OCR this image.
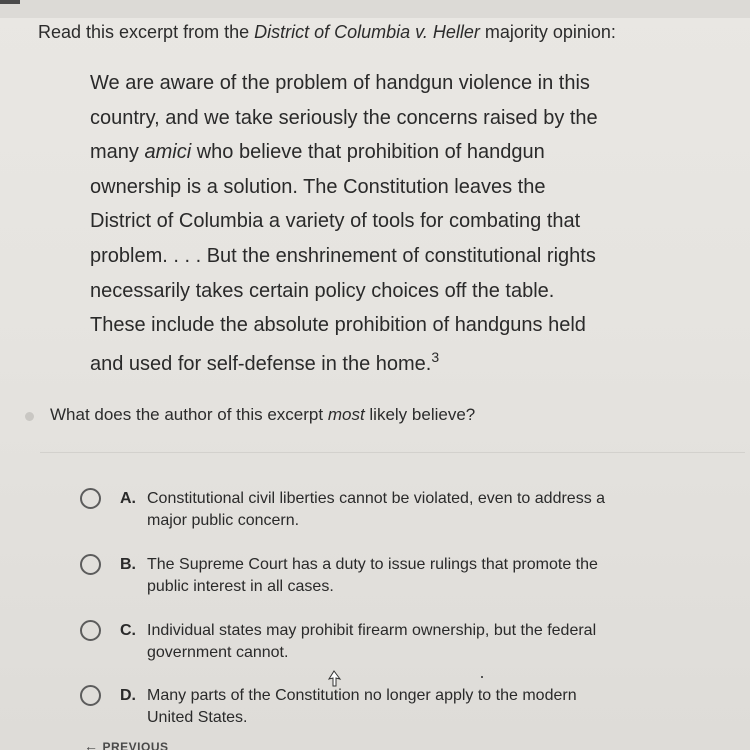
Read this excerpt from the District of Columbia v. Heller majority opinion:
We are aware of the problem of handgun violence in this
country, and we take seriously the concerns raised by the
many amici who believe that prohibition of handgun
ownership is a solution. The Constitution leaves the
District of Columbia a variety of tools for combating that
problem. . . . But the enshrinement of constitutional rights
necessarily takes certain policy choices off the table.
These include the absolute prohibition of handguns held
and used for self-defense in the home.$^3$
What does the author of this excerpt most likely believe?
A. Constitutional civil liberties cannot be violated, even to address a
major public concern.
B. The Supreme Court has a duty to issue rulings that promote the
public interest in all cases.
C. Individual states may prohibit firearm ownership, but the federal
government cannot.
D. Many parts of the Constitution no longer apply to the modern
United States.
← PREVIOUS
